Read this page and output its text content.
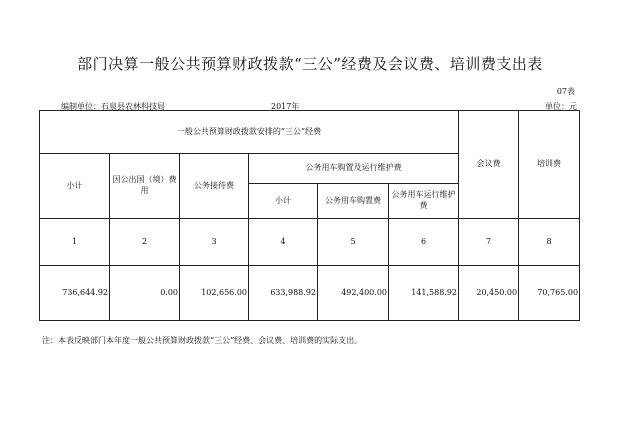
部门决算一般公共预算财政拨款“三公”经费及会议费、培训费支出表
07表
编制单位：石泉县农林科技局	2017年	单位：元
一般公共预算财政拨款安排的“三公”经费						会议费	培训费
小计	因公出国（境）费用	公务接待费	公务用车购置及运行维护费				
			小计	公务用车购置费	公务用车运行维护费		
1	2	3	4	5	6	7	8
736,644.92	0.00	102,656.00	633,988.92	492,400.00	141,588.92	20,450.00	70,765.00
注：本表反映部门本年度一般公共预算财政拨款“三公”经费、会议费、培训费的实际支出。
